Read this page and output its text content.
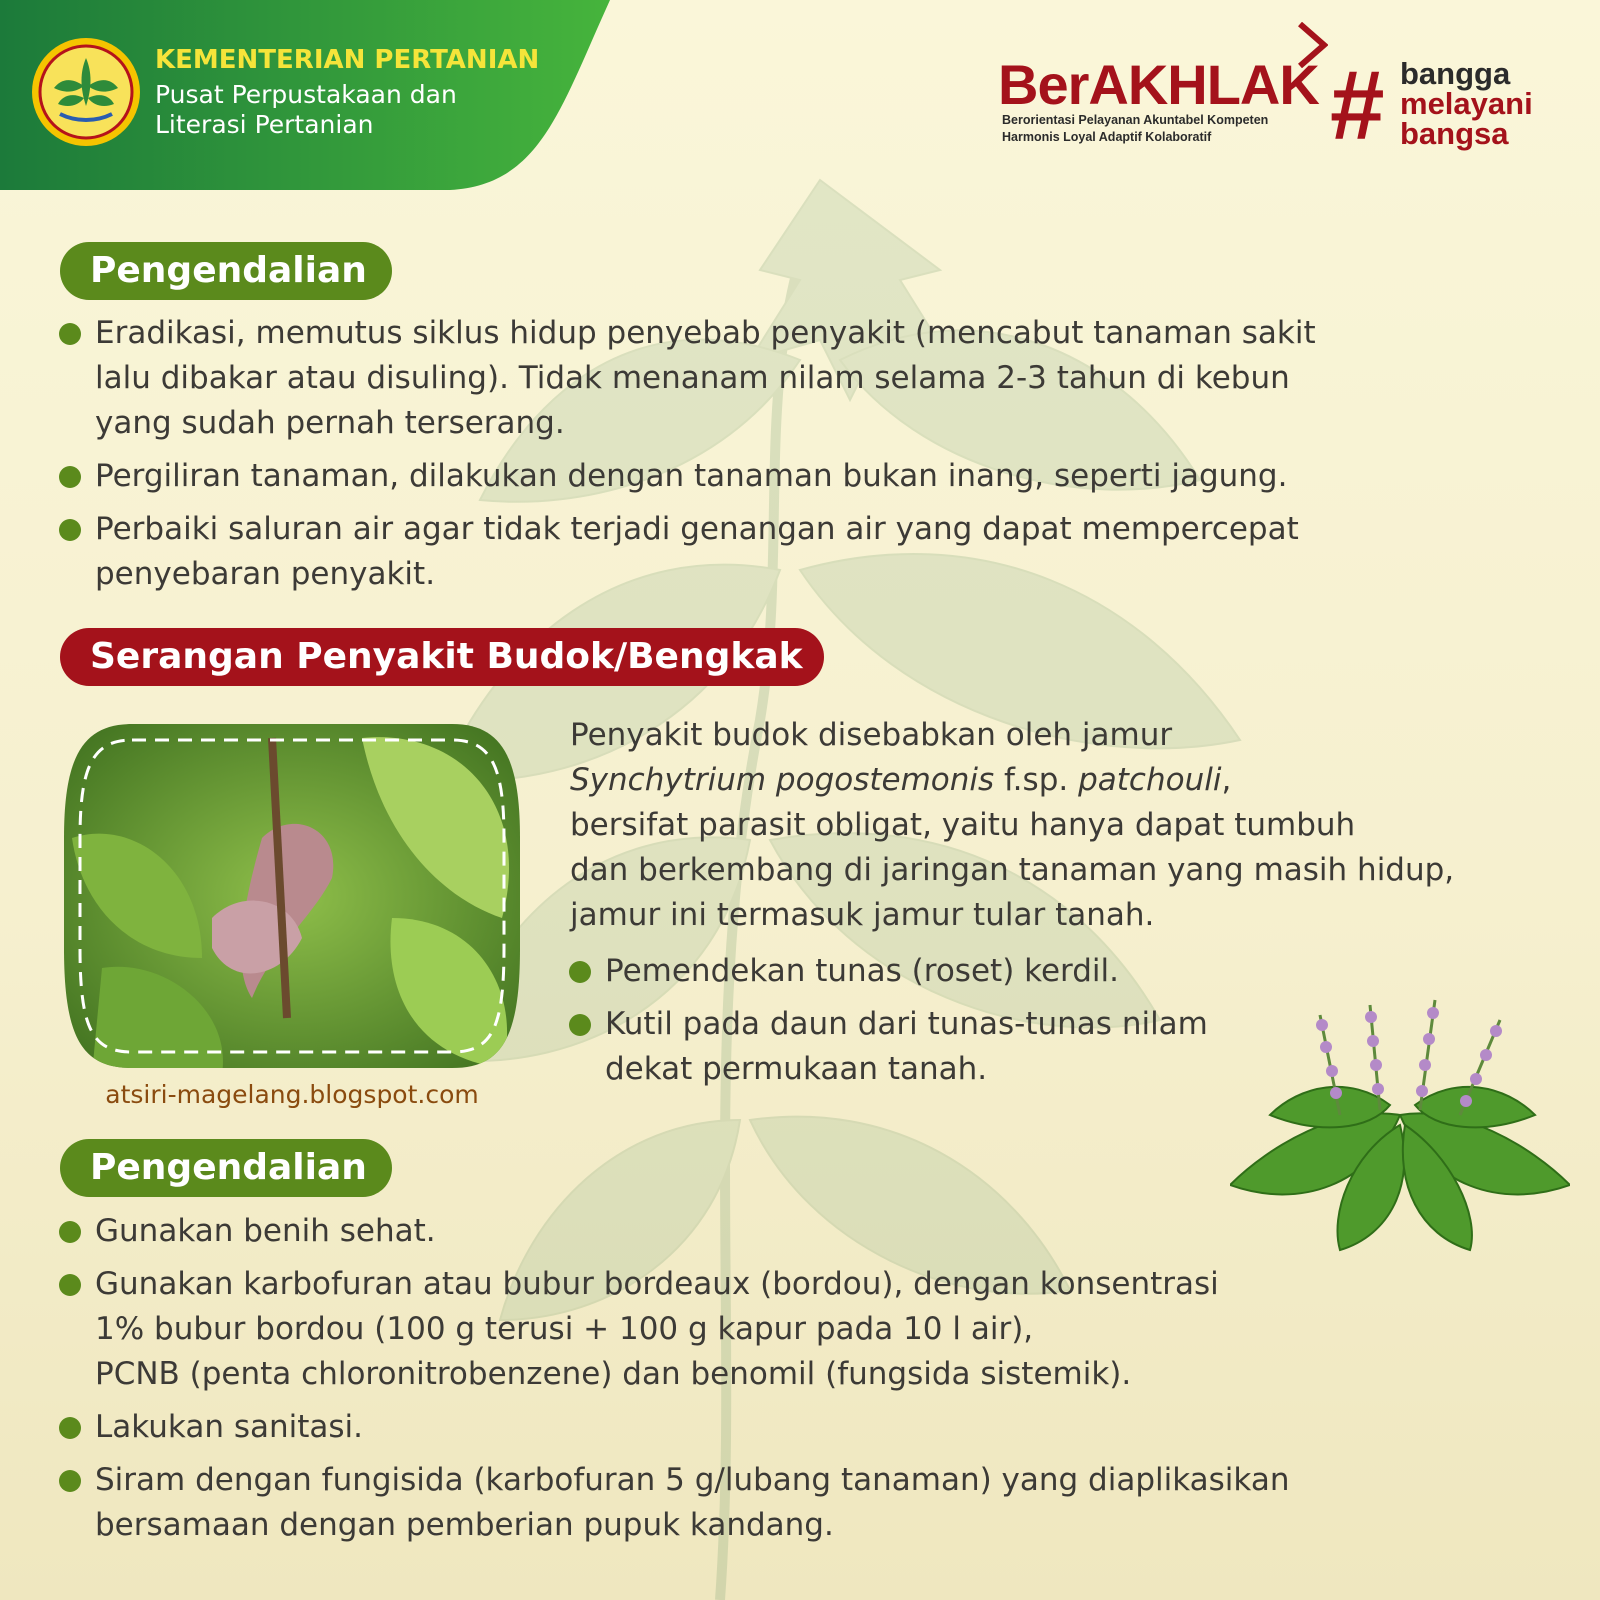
KEMENTERIAN PERTANIAN
Pusat Perpustakaan dan
Literasi Pertanian
BerAKHLAK
Berorientasi Pelayanan Akuntabel Kompeten
Harmonis Loyal Adaptif Kolaboratif # bangga
melayani
bangsa
Pengendalian
Eradikasi, memutus siklus hidup penyebab penyakit (mencabut tanaman sakit
lalu dibakar atau disuling). Tidak menanam nilam selama 2-3 tahun di kebun
yang sudah pernah terserang.
Pergiliran tanaman, dilakukan dengan tanaman bukan inang, seperti jagung.
Perbaiki saluran air agar tidak terjadi genangan air yang dapat mempercepat
penyebaran penyakit.
Serangan Penyakit Budok/Bengkak
atsiri-magelang.blogspot.com

Penyakit budok disebabkan oleh jamur

Synchytrium pogostemonis f.sp. patchouli,

bersifat parasit obligat, yaitu hanya dapat tumbuh

dan berkembang di jaringan tanaman yang masih hidup,

jamur ini termasuk jamur tular tanah.

Pemendekan tunas (roset) kerdil.
Kutil pada daun dari tunas-tunas nilam
dekat permukaan tanah.
Pengendalian
Gunakan benih sehat.
Gunakan karbofuran atau bubur bordeaux (bordou), dengan konsentrasi
1% bubur bordou (100 g terusi + 100 g kapur pada 10 l air),
PCNB (penta chloronitrobenzene) dan benomil (fungsida sistemik).
Lakukan sanitasi.
Siram dengan fungisida (karbofuran 5 g/lubang tanaman) yang diaplikasikan
bersamaan dengan pemberian pupuk kandang.
